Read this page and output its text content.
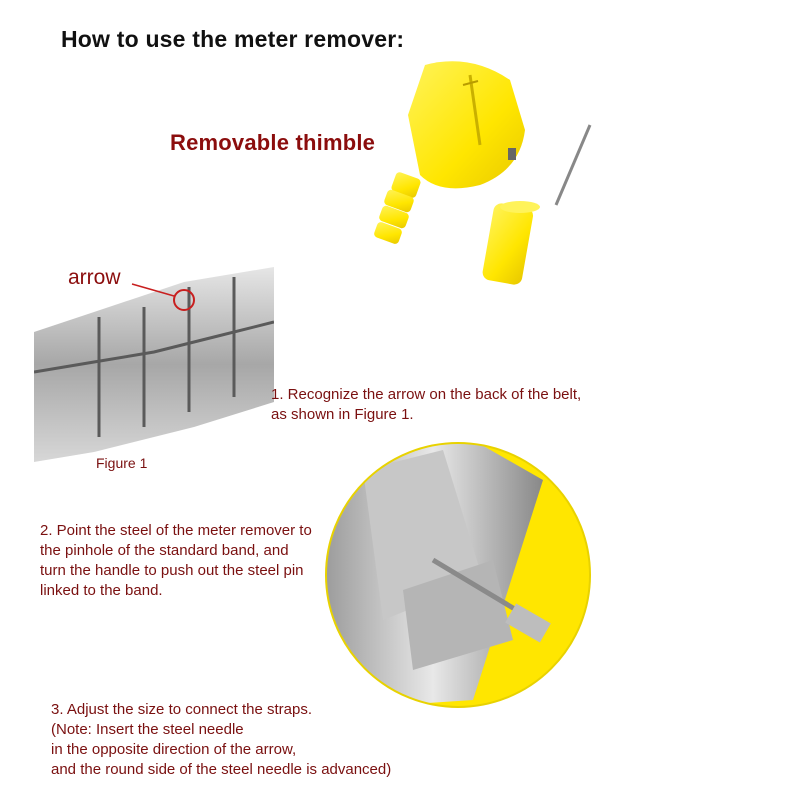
How to use the meter remover:
Removable thimble
arrow
Figure 1
1. Recognize the arrow on the back of the belt,
as shown in Figure 1.
2. Point the steel of the meter remover to
the pinhole of the standard band, and
turn the handle to push out the steel pin
linked to the band.
3. Adjust the size to connect the straps.
(Note: Insert the steel needle
in the opposite direction of the arrow,
and the round side of the steel needle is advanced)
